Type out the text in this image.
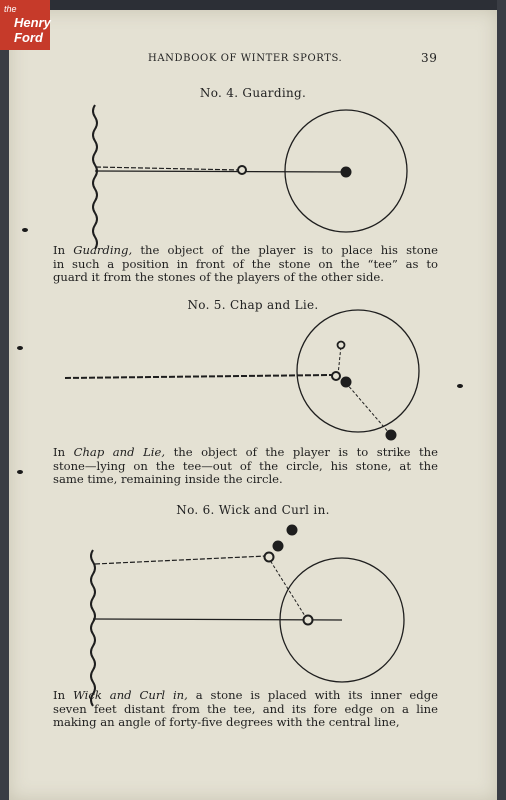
the
Henry
Ford
HANDBOOK OF WINTER SPORTS.	39
No. 4. Guarding.
In Guarding, the object of the player is to place his stone
in such a position in front of the stone on the “tee” as to
guard it from the stones of the players of the other side.
No. 5. Chap and Lie.
In Chap and Lie, the object of the player is to strike the
stone—lying on the tee—out of the circle, his stone, at the
same time, remaining inside the circle.
No. 6. Wick and Curl in.
In Wick and Curl in, a stone is placed with its inner edge
seven feet distant from the tee, and its fore edge on a line
making an angle of forty-five degrees with the central line,
